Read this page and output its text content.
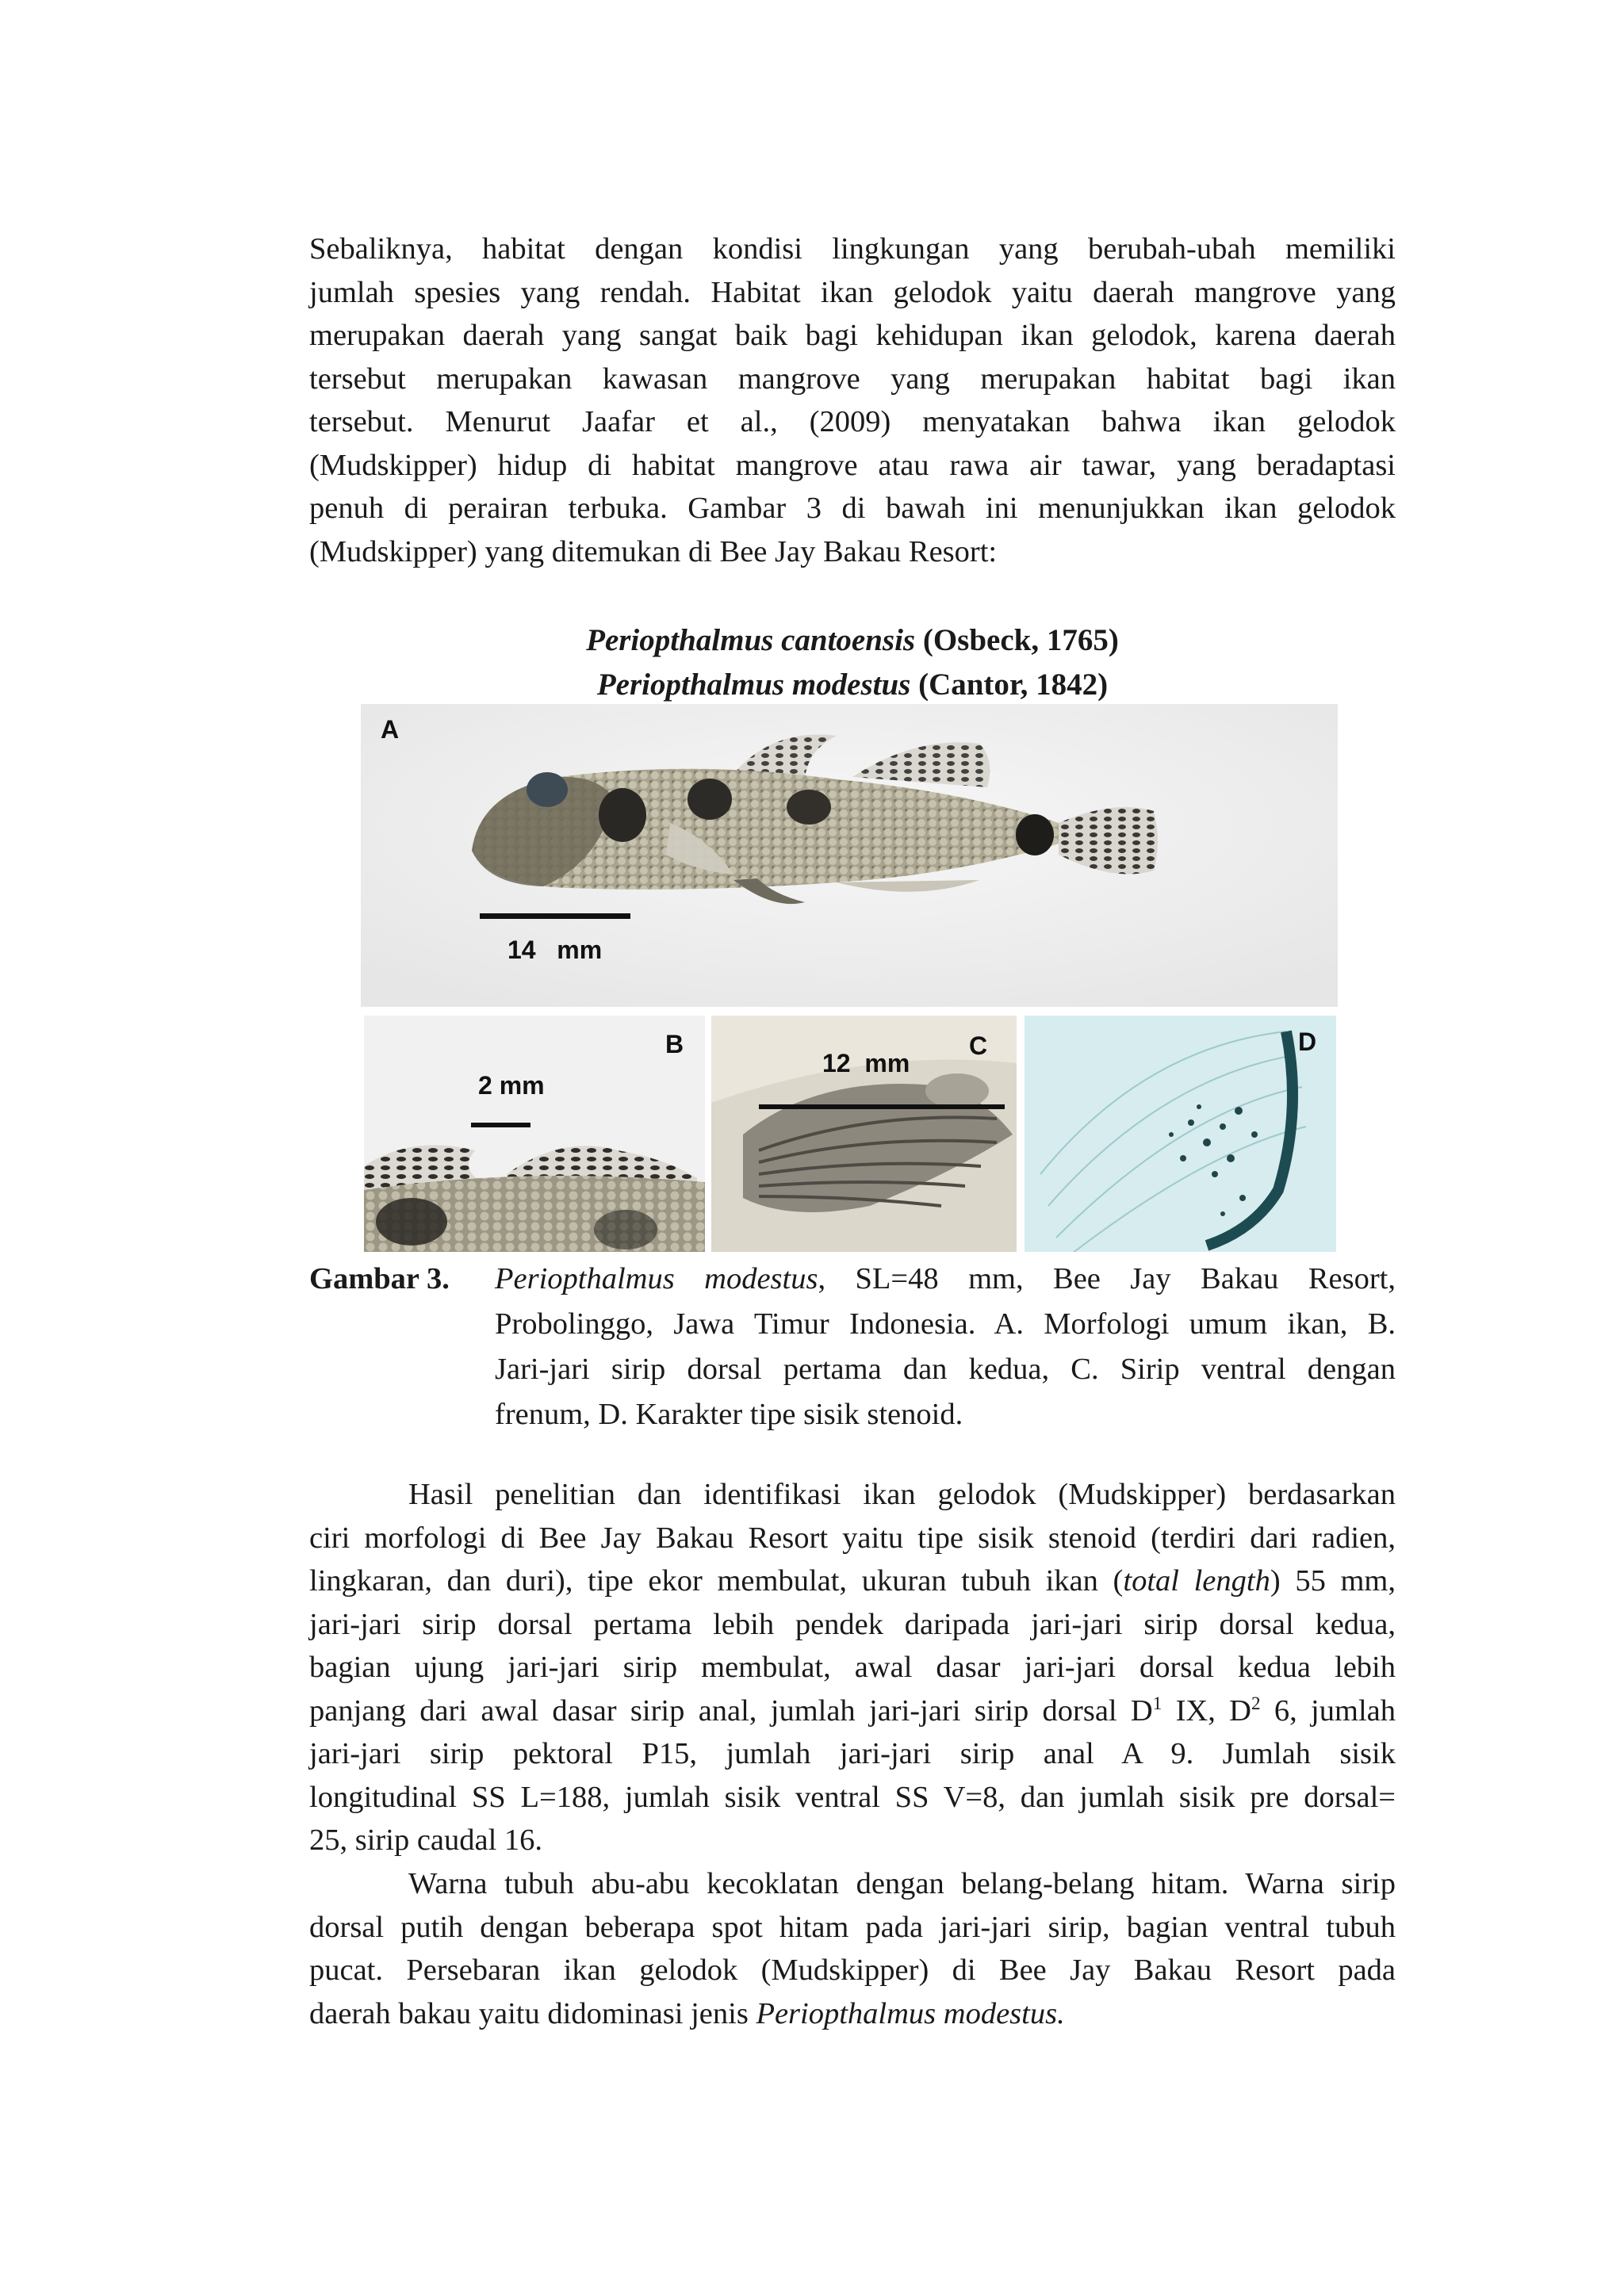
Sebaliknya, habitat dengan kondisi lingkungan yang berubah-ubah memiliki
jumlah spesies yang rendah. Habitat ikan gelodok yaitu daerah mangrove yang
merupakan daerah yang sangat baik bagi kehidupan ikan gelodok, karena daerah
tersebut merupakan kawasan mangrove yang merupakan habitat bagi ikan
tersebut. Menurut Jaafar et al., (2009) menyatakan bahwa ikan gelodok
(Mudskipper) hidup di habitat mangrove atau rawa air tawar, yang beradaptasi
penuh di perairan terbuka. Gambar 3 di bawah ini menunjukkan ikan gelodok
(Mudskipper) yang ditemukan di Bee Jay Bakau Resort:
Periopthalmus cantoensis (Osbeck, 1765)
Periopthalmus modestus (Cantor, 1842)
A
14   mm
B
2 mm
C
12  mm
D
Gambar 3. Periopthalmus modestus, SL=48 mm, Bee Jay Bakau Resort,
Probolinggo, Jawa Timur Indonesia. A. Morfologi umum ikan, B.
Jari-jari sirip dorsal pertama dan kedua, C. Sirip ventral dengan
frenum, D. Karakter tipe sisik stenoid.
Hasil penelitian dan identifikasi ikan gelodok (Mudskipper) berdasarkan
ciri morfologi di Bee Jay Bakau Resort yaitu tipe sisik stenoid (terdiri dari radien,
lingkaran, dan duri), tipe ekor membulat, ukuran tubuh ikan (total length) 55 mm,
jari-jari sirip dorsal pertama lebih pendek daripada jari-jari sirip dorsal kedua,
bagian ujung jari-jari sirip membulat, awal dasar jari-jari dorsal kedua lebih
panjang dari awal dasar sirip anal, jumlah jari-jari sirip dorsal $D^1$ IX, $D^2$ 6, jumlah
jari-jari sirip pektoral P15, jumlah jari-jari sirip anal A 9. Jumlah sisik
longitudinal SS L=188, jumlah sisik ventral SS V=8, dan jumlah sisik pre dorsal=
25, sirip caudal 16.
Warna tubuh abu-abu kecoklatan dengan belang-belang hitam. Warna sirip
dorsal putih dengan beberapa spot hitam pada jari-jari sirip, bagian ventral tubuh
pucat. Persebaran ikan gelodok (Mudskipper) di Bee Jay Bakau Resort pada
daerah bakau yaitu didominasi jenis Periopthalmus modestus.
